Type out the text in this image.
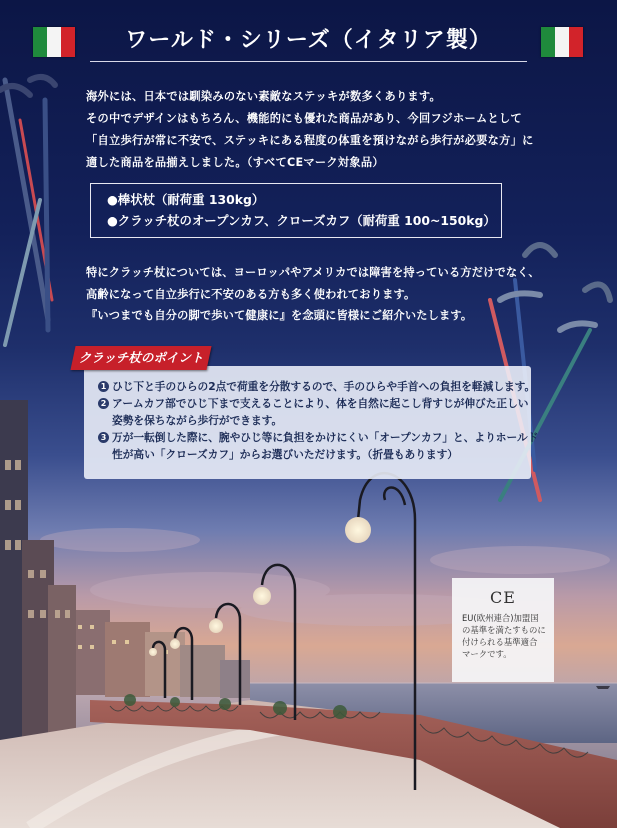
ワールド・シリーズ（イタリア製）

海外には、日本では馴染みのない素敵なステッキが数多くあります。

その中でデザインはもちろん、機能的にも優れた商品があり、今回フジホームとして

「自立歩行が常に不安で、ステッキにある程度の体重を預けながら歩行が必要な方」に

適した商品を品揃えしました。（すべてCEマーク対象品）

●棒状杖（耐荷重 130kg）

●クラッチ杖のオープンカフ、クローズカフ（耐荷重 100~150kg）

特にクラッチ杖については、ヨーロッパやアメリカでは障害を持っている方だけでなく、

高齢になって自立歩行に不安のある方も多く使われております。

『いつまでも自分の脚で歩いて健康に』を念頭に皆様にご紹介いたします。

1 ひじ下と手のひらの2点で荷重を分散するので、手のひらや手首への負担を軽減します。
2 アームカフ部でひじ下まで支えることにより、体を自然に起こし背すじが伸びた正しい
姿勢を保ちながら歩行ができます。
3 万が一転倒した際に、腕やひじ等に負担をかけにくい「オープンカフ」と、よりホールド
性が高い「クローズカフ」からお選びいただけます。（折畳もあります）
クラッチ杖のポイント
CE
EU(欧州連合)加盟国
の基準を満たすものに
付けられる基準適合
マークです。
